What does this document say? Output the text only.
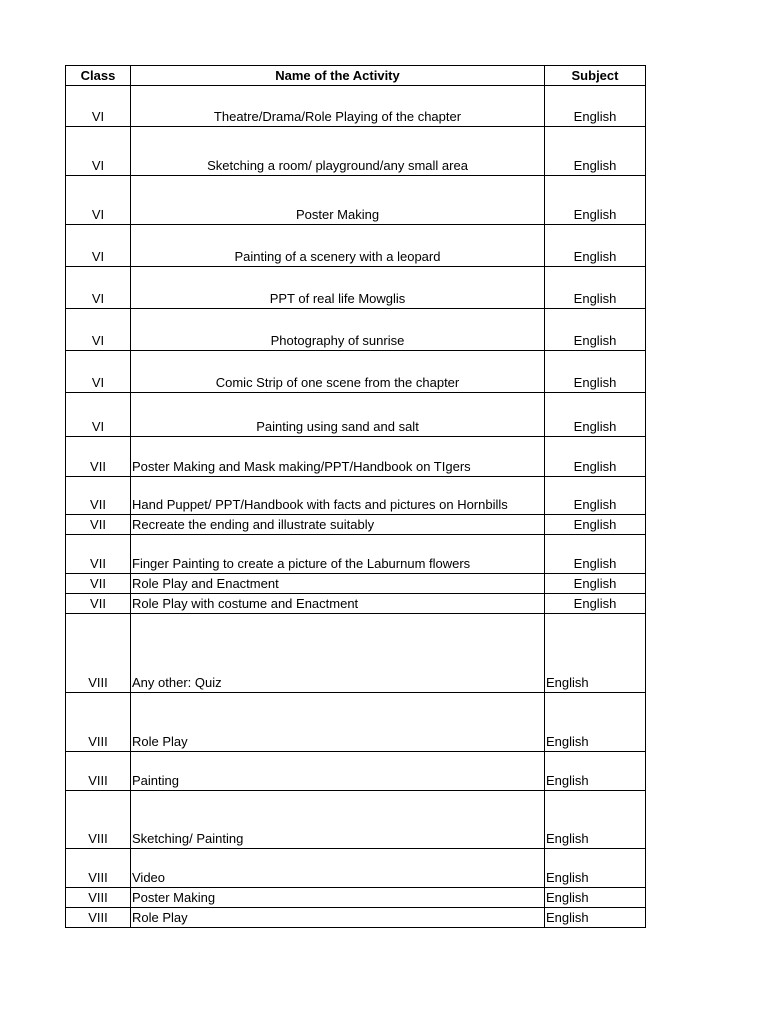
Class	Name of the Activity	Subject
VI	Theatre/Drama/Role Playing of the chapter	English
VI	Sketching a room/ playground/any small area	English
VI	Poster Making	English
VI	Painting of a scenery with a leopard	English
VI	PPT of real life Mowglis	English
VI	Photography of sunrise	English
VI	Comic Strip of one scene from the chapter	English
VI	Painting using sand and salt	English
VII	Poster Making and Mask making/PPT/Handbook on TIgers	English
VII	Hand Puppet/ PPT/Handbook with facts and pictures on Hornbills	English
VII	Recreate the ending and illustrate suitably	English
VII	Finger Painting to create a picture of the Laburnum flowers	English
VII	Role Play and Enactment	English
VII	Role Play with costume and Enactment	English
VIII	Any other: Quiz	English
VIII	Role Play	English
VIII	Painting	English
VIII	Sketching/ Painting	English
VIII	Video	English
VIII	Poster Making	English
VIII	Role Play	English
